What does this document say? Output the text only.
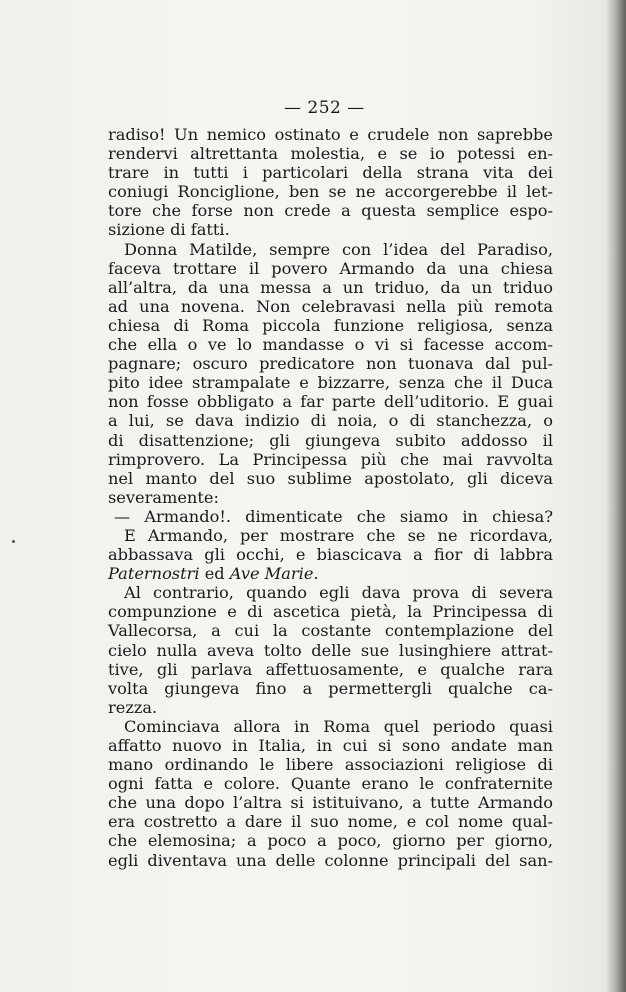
— 252 —
radiso! Un nemico ostinato e crudele non saprebbe
rendervi altrettanta molestia, e se io potessi en-
trare in tutti i particolari della strana vita dei
coniugi Ronciglione, ben se ne accorgerebbe il let-
tore che forse non crede a questa semplice espo-
sizione di fatti.
Donna Matilde, sempre con l’idea del Paradiso,
faceva trottare il povero Armando da una chiesa
all’altra, da una messa a un triduo, da un triduo
ad una novena. Non celebravasi nella più remota
chiesa di Roma piccola funzione religiosa, senza
che ella o ve lo mandasse o vi si facesse accom-
pagnare; oscuro predicatore non tuonava dal pul-
pito idee strampalate e bizzarre, senza che il Duca
non fosse obbligato a far parte dell’uditorio. E guai
a lui, se dava indizio di noia, o di stanchezza, o
di disattenzione; gli giungeva subito addosso il
rimprovero. La Principessa più che mai ravvolta
nel manto del suo sublime apostolato, gli diceva
severamente:
— Armando!. dimenticate che siamo in chiesa?
E Armando, per mostrare che se ne ricordava,
abbassava gli occhi, e biascicava a fior di labbra
Paternostri ed Ave Marie.
Al contrario, quando egli dava prova di severa
compunzione e di ascetica pietà, la Principessa di
Vallecorsa, a cui la costante contemplazione del
cielo nulla aveva tolto delle sue lusinghiere attrat-
tive, gli parlava affettuosamente, e qualche rara
volta giungeva fino a permettergli qualche ca-
rezza.
Cominciava allora in Roma quel periodo quasi
affatto nuovo in Italia, in cui si sono andate man
mano ordinando le libere associazioni religiose di
ogni fatta e colore. Quante erano le confraternite
che una dopo l’altra si istituivano, a tutte Armando
era costretto a dare il suo nome, e col nome qual-
che elemosina; a poco a poco, giorno per giorno,
egli diventava una delle colonne principali del san-
